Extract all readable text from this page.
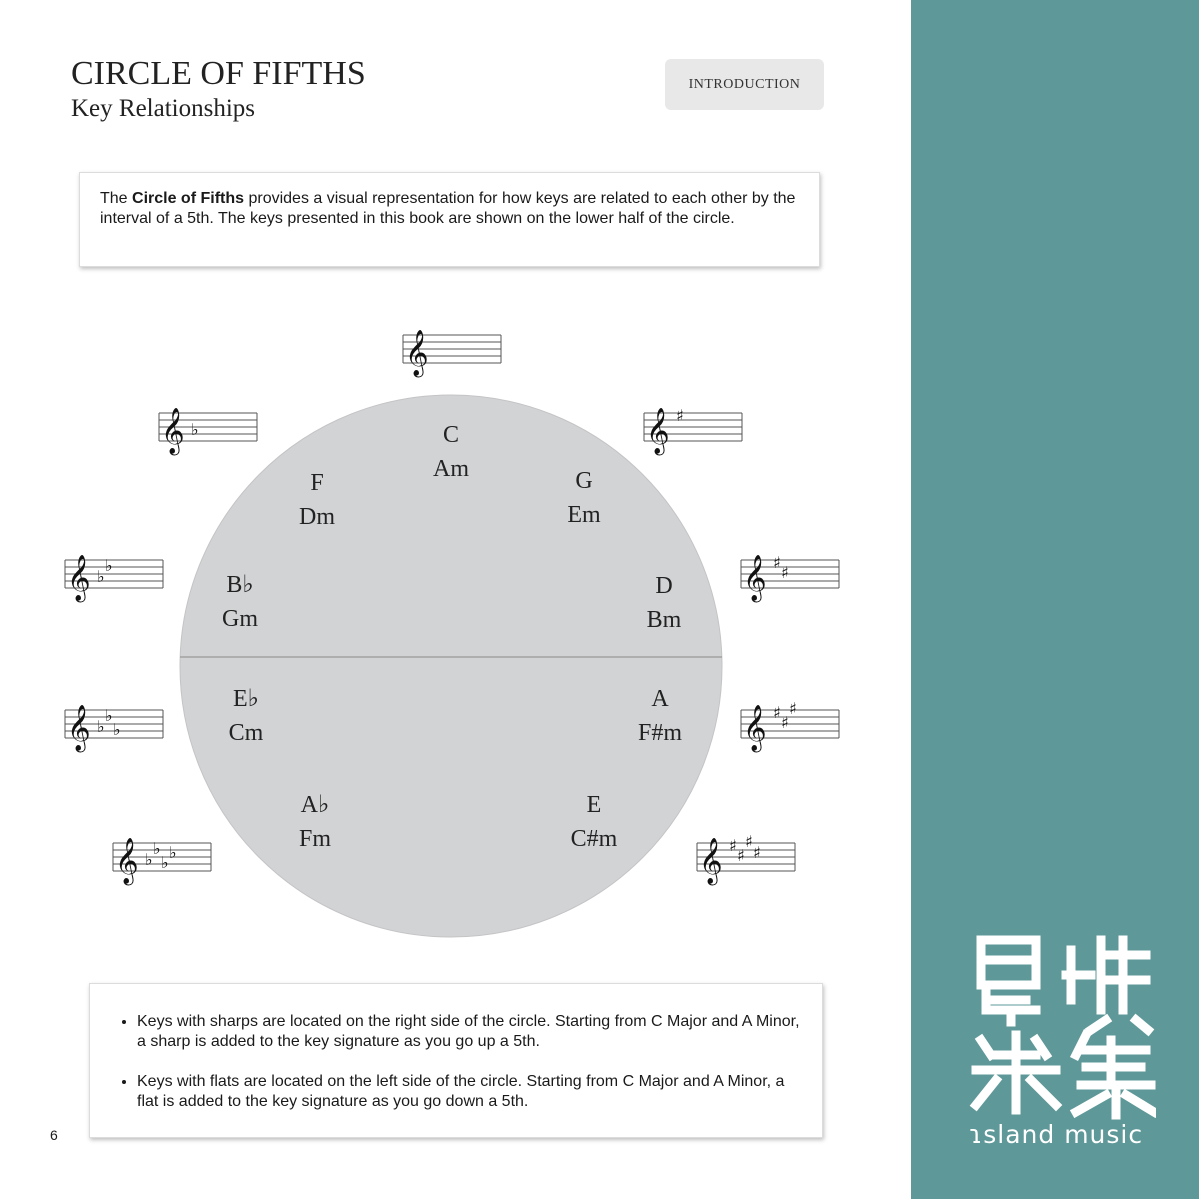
CIRCLE OF FIFTHS
Key Relationships
INTRODUCTION
The Circle of Fifths provides a visual representation for how keys are related to each other by the interval of a 5th. The keys presented in this book are shown on the lower half of the circle.
C
Am	G
Em
D
Bm
A
F#m
E
C#m
A♭
Fm
E♭
Cm
B♭
Gm
F
Dm
𝄞
𝄞 ♯
𝄞 ♯
♯
𝄞 ♯
♯
♯
𝄞 ♯
♯
♯
♯
𝄞 ♭
♭
♭
♭
𝄞 ♭
♭
♭
𝄞 ♭
♭
𝄞 ♭
• Keys with sharps are located on the right side of the circle. Starting from C Major and A Minor, a sharp is added to the key signature as you go up a 5th.
• Keys with flats are located on the left side of the circle. Starting from C Major and A Minor, a flat is added to the key signature as you go down a 5th.
6	ɿsland music
